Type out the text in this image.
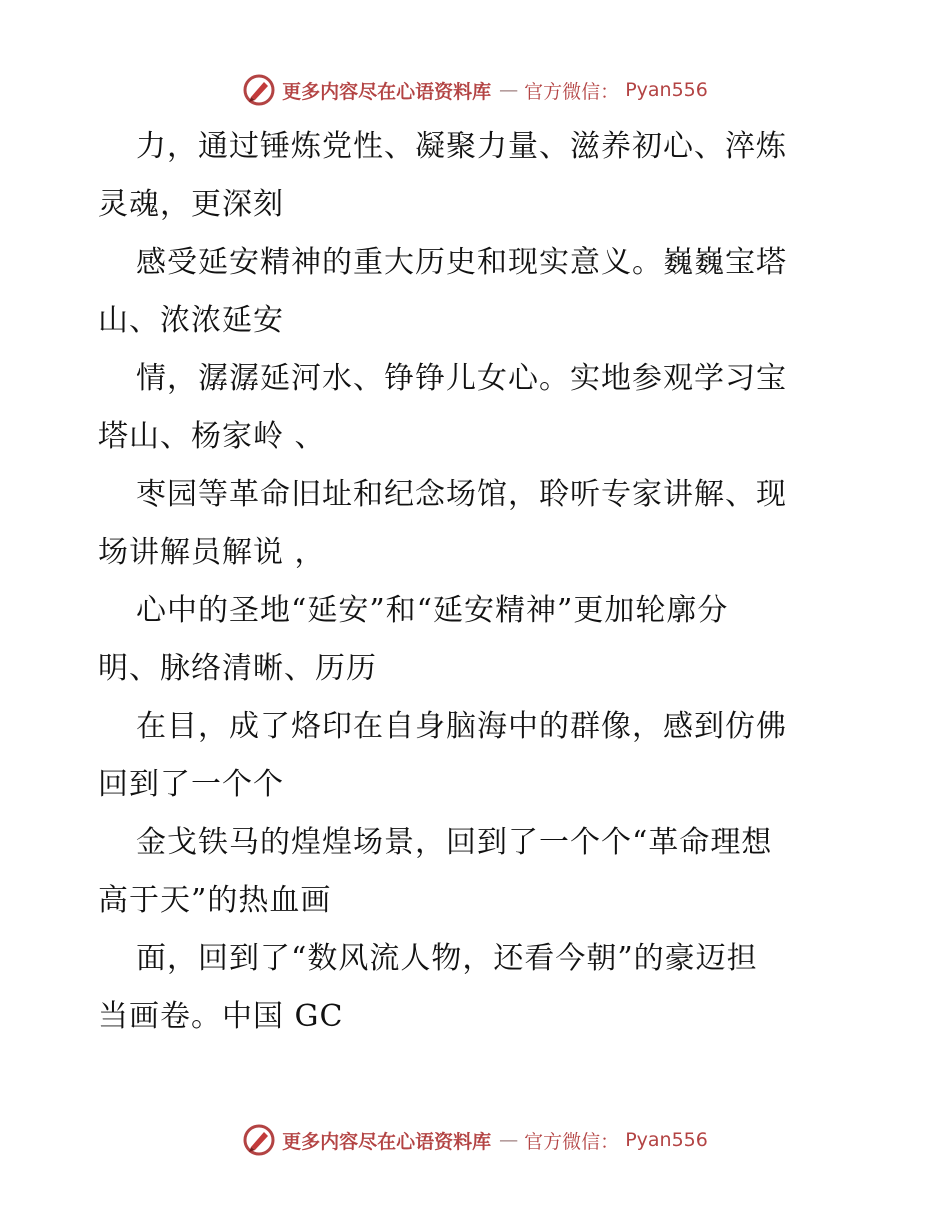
更多内容尽在心语资料库 — 官方微信： Pyan556
力，通过锤炼党性、凝聚力量、滋养初心、淬炼
灵魂，更深刻
感受延安精神的重大历史和现实意义。巍巍宝塔
山、浓浓延安
情，潺潺延河水、铮铮儿女心。实地参观学习宝
塔山、杨家岭 、
枣园等革命旧址和纪念场馆，聆听专家讲解、现
场讲解员解说 ，
心中的圣地“延安”和“延安精神”更加轮廓分
明、脉络清晰、历历
在目，成了烙印在自身脑海中的群像，感到仿佛
回到了一个个
金戈铁马的煌煌场景，回到了一个个“革命理想
高于天”的热血画
面，回到了“数风流人物，还看今朝”的豪迈担
当画卷。中国 GC
更多内容尽在心语资料库 — 官方微信： Pyan556
